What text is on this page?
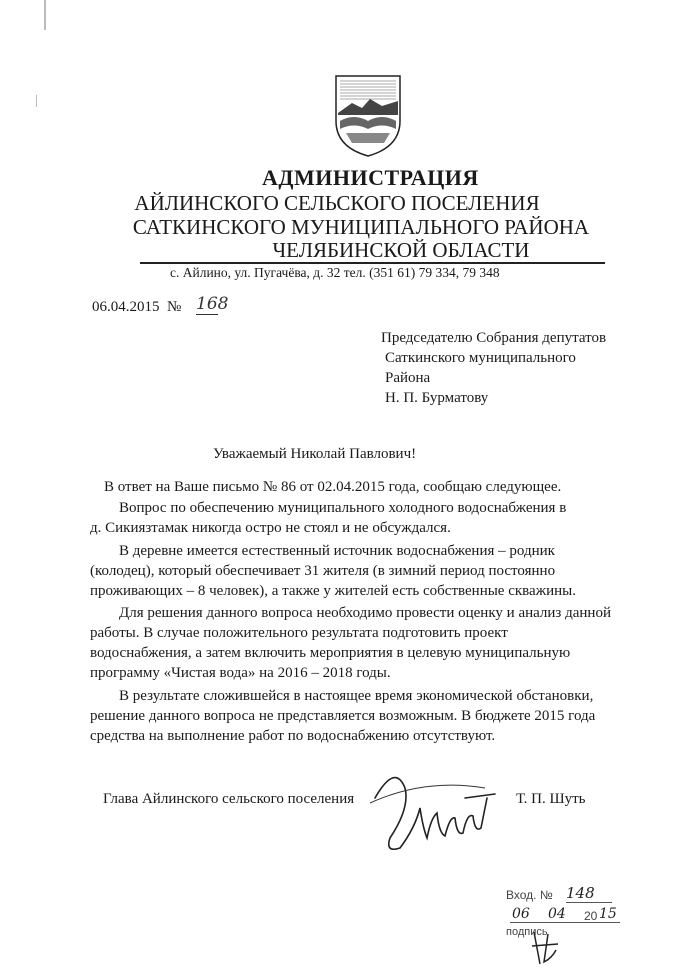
АДМИНИСТРАЦИЯ
АЙЛИНСКОГО СЕЛЬСКОГО ПОСЕЛЕНИЯ
САТКИНСКОГО МУНИЦИПАЛЬНОГО РАЙОНА
ЧЕЛЯБИНСКОЙ ОБЛАСТИ
с. Айлино, ул. Пугачёва, д. 32 тел. (351 61) 79 334, 79 348
06.04.2015 № 168
Председателю Собрания депутатов
Саткинского муниципального
Района
Н. П. Бурматову
Уважаемый Николай Павлович!
В ответ на Ваше письмо № 86 от 02.04.2015 года, сообщаю следующее.
Вопрос по обеспечению муниципального холодного водоснабжения в
д. Сикиязтамак никогда остро не стоял и не обсуждался.
В деревне имеется естественный источник водоснабжения – родник
(колодец), который обеспечивает 31 жителя (в зимний период постоянно
проживающих – 8 человек), а также у жителей есть собственные скважины.
Для решения данного вопроса необходимо провести оценку и анализ данной
работы. В случае положительного результата подготовить проект
водоснабжения, а затем включить мероприятия в целевую муниципальную
программу «Чистая вода» на 2016 – 2018 годы.
В результате сложившейся в настоящее время экономической обстановки,
решение данного вопроса не представляется возможным. В бюджете 2015 года
средства на выполнение работ по водоснабжению отсутствуют.
Глава Айлинского сельского поселения	Т. П. Шуть
Вход. № 148
06 04 20 15
подпись
